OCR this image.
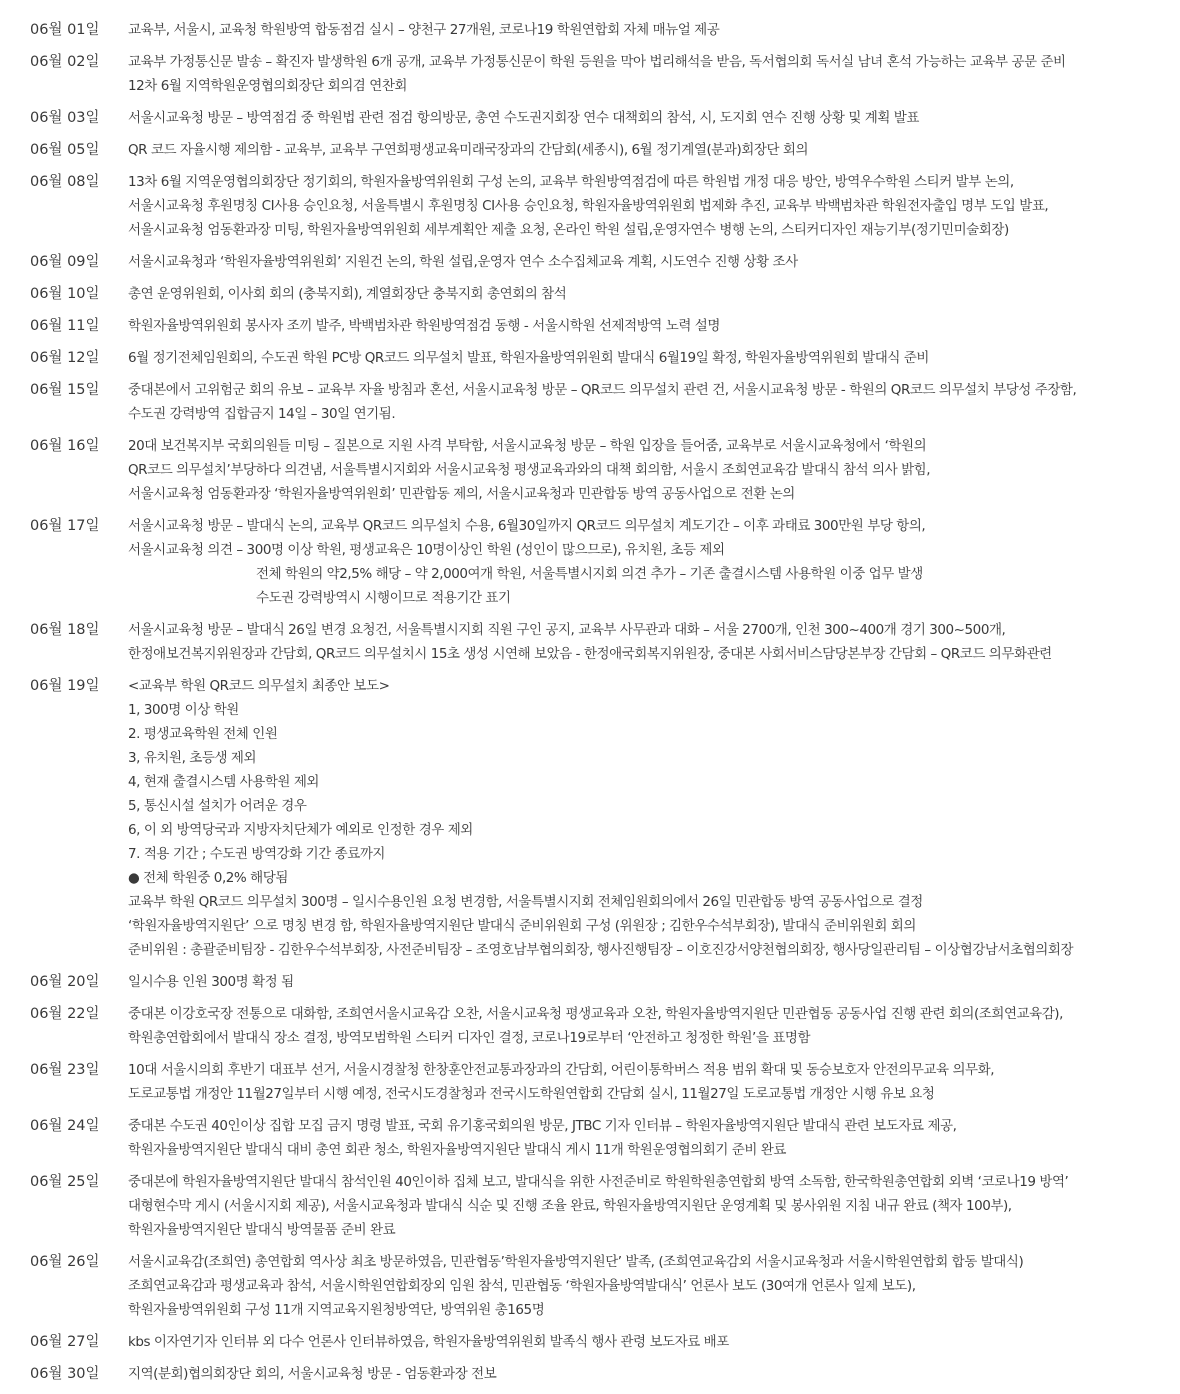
06월 01일	교육부, 서울시, 교육청 학원방역 합동점검 실시 – 양천구 27개원, 코로나19 학원연합회 자체 매뉴얼 제공
06월 02일	교육부 가정통신문 발송 – 확진자 발생학원 6개 공개, 교육부 가정통신문이 학원 등원을 막아 법리해석을 받음, 독서협의회 독서실 남녀 혼석 가능하는 교육부 공문 준비
12차 6월 지역학원운영협의회장단 회의겸 연찬회
06월 03일	서울시교육청 방문 – 방역점검 중 학원법 관련 점검 항의방문, 총연 수도권지회장 연수 대책회의 참석, 시, 도지회 연수 진행 상황 및 계획 발표
06월 05일	QR 코드 자율시행 제의함 - 교육부, 교육부 구연희평생교육미래국장과의 간담회(세종시), 6월 정기계열(분과)회장단 회의
06월 08일	13차 6월 지역운영협의회장단 정기회의, 학원자율방역위원회 구성 논의, 교육부 학원방역점검에 따른 학원법 개정 대응 방안, 방역우수학원 스티커 발부 논의,
서울시교육청 후원명칭 CI사용 승인요청, 서울특별시 후원명칭 CI사용 승인요청, 학원자율방역위원회 법제화 추진, 교육부 박백범차관 학원전자출입 명부 도입 발표,
서울시교육청 엄동환과장 미팅, 학원자율방역위원회 세부계획안 제출 요청, 온라인 학원 설립,운영자연수 병행 논의, 스티커디자인 재능기부(정기민미술회장)
06월 09일	서울시교육청과 ‘학원자율방역위원회’ 지원건 논의, 학원 설립,운영자 연수 소수집체교육 계획, 시도연수 진행 상황 조사
06월 10일	총연 운영위원회, 이사회 회의 (충북지회), 계열회장단 충북지회 총연회의 참석
06월 11일	학원자율방역위원회 봉사자 조끼 발주, 박백범차관 학원방역점검 동행 - 서울시학원 선제적방역 노력 설명
06월 12일	6월 정기전체임원회의, 수도권 학원 PC방 QR코드 의무설치 발표, 학원자율방역위원회 발대식 6월19일 확정, 학원자율방역위원회 발대식 준비
06월 15일	중대본에서 고위험군 회의 유보 – 교육부 자율 방침과 혼선, 서울시교육청 방문 – QR코드 의무설치 관련 건, 서울시교육청 방문 - 학원의 QR코드 의무설치 부당성 주장함,
수도권 강력방역 집합금지 14일 – 30일 연기됨.
06월 16일	20대 보건복지부 국회의원들 미팅 – 질본으로 지원 사격 부탁함, 서울시교육청 방문 – 학원 입장을 들어줌, 교육부로 서울시교육청에서 ‘학원의
QR코드 의무설치’부당하다 의견냄, 서울특별시지회와 서울시교육청 평생교육과와의 대책 회의함, 서울시 조희연교육감 발대식 참석 의사 밝힘,
서울시교육청 엄동환과장 ‘학원자율방역위원회’ 민관합동 제의, 서울시교육청과 민관합동 방역 공동사업으로 전환 논의
06월 17일	서울시교육청 방문 – 발대식 논의, 교육부 QR코드 의무설치 수용, 6월30일까지 QR코드 의무설치 계도기간 – 이후 과태료 300만원 부당 항의,
서울시교육청 의견 – 300명 이상 학원, 평생교육은 10명이상인 학원 (성인이 많으므로), 유치원, 초등 제외
전체 학원의 약2,5% 해당 – 약 2,000여개 학원, 서울특별시지회 의견 추가 – 기존 출결시스템 사용학원 이중 업무 발생
수도권 강력방역시 시행이므로 적용기간 표기
06월 18일	서울시교육청 방문 – 발대식 26일 변경 요청건, 서울특별시지회 직원 구인 공지, 교육부 사무관과 대화 – 서울 2700개, 인천 300~400개 경기 300~500개,
한정애보건복지위원장과 간담회, QR코드 의무설치시 15초 생성 시연해 보았음 - 한정애국회복지위원장, 중대본 사회서비스담당본부장 간담회 – QR코드 의무화관련
06월 19일	<교육부 학원 QR코드 의무설치 최종안 보도>
1, 300명 이상 학원
2. 평생교육학원 전체 인원
3, 유치원, 초등생 제외
4, 현재 출결시스템 사용학원 제외
5, 통신시설 설치가 어려운 경우
6, 이 외 방역당국과 지방자치단체가 예외로 인정한 경우 제외
7. 적용 기간 ; 수도권 방역강화 기간 종료까지
● 전체 학원중 0,2% 해당됨
교육부 학원 QR코드 의무설치 300명 – 일시수용인원 요청 변경함, 서울특별시지회 전체임원회의에서 26일 민관합동 방역 공동사업으로 결정
‘학원자율방역지원단’ 으로 명칭 변경 함, 학원자율방역지원단 발대식 준비위원회 구성 (위원장 ; 김한우수석부회장), 발대식 준비위원회 회의
준비위원 : 총괄준비팀장 - 김한우수석부회장, 사전준비팀장 – 조영호남부협의회장, 행사진행팀장 – 이호진강서양천협의회장, 행사당일관리팀 – 이상협강남서초협의회장
06월 20일	일시수용 인원 300명 확정 됨
06월 22일	중대본 이강호국장 전통으로 대화함, 조희연서울시교육감 오찬, 서울시교육청 평생교육과 오찬, 학원자율방역지원단 민관협동 공동사업 진행 관련 회의(조희연교육감),
학원총연합회에서 발대식 장소 결정, 방역모범학원 스티커 디자인 결정, 코로나19로부터 ‘안전하고 청정한 학원’을 표명함
06월 23일	10대 서울시의회 후반기 대표부 선거, 서울시경찰청 한창훈안전교통과장과의 간담회, 어린이통학버스 적용 범위 확대 및 동승보호자 안전의무교육 의무화,
도로교통법 개정안 11월27일부터 시행 예정, 전국시도경찰청과 전국시도학원연합회 간담회 실시, 11월27일 도로교통법 개정안 시행 유보 요청
06월 24일	중대본 수도권 40인이상 집합 모집 금지 명령 발표, 국회 유기홍국회의원 방문, JTBC 기자 인터뷰 – 학원자율방역지원단 발대식 관련 보도자료 제공,
학원자율방역지원단 발대식 대비 총연 회관 청소, 학원자율방역지원단 발대식 게시 11개 학원운영협의회기 준비 완료
06월 25일	중대본에 학원자율방역지원단 발대식 참석인원 40인이하 집체 보고, 발대식을 위한 사전준비로 학원학원총연합회 방역 소독함, 한국학원총연합회 외벽 ‘코로나19 방역’
대형현수막 게시 (서울시지회 제공), 서울시교육청과 발대식 식순 및 진행 조율 완료, 학원자율방역지원단 운영계획 및 봉사위원 지침 내규 완료 (책자 100부),
학원자율방역지원단 발대식 방역물품 준비 완료
06월 26일	서울시교육감(조희연) 총연합회 역사상 최초 방문하였음, 민관협동’학원자율방역지원단’ 발족, (조희연교육감외 서울시교육청과 서울시학원연합회 합동 발대식)
조희연교육감과 평생교육과 참석, 서울시학원연합회장외 임원 참석, 민관협동 ‘학원자율방역발대식’ 언론사 보도 (30여개 언론사 일제 보도),
학원자율방역위원회 구성 11개 지역교육지원청방역단, 방역위원 총165명
06월 27일	kbs 이자연기자 인터뷰 외 다수 언론사 인터뷰하였음, 학원자율방역위원회 발족식 행사 관령 보도자료 배포
06월 30일	지역(분회)협의회장단 회의, 서울시교육청 방문 - 엄동환과장 전보
